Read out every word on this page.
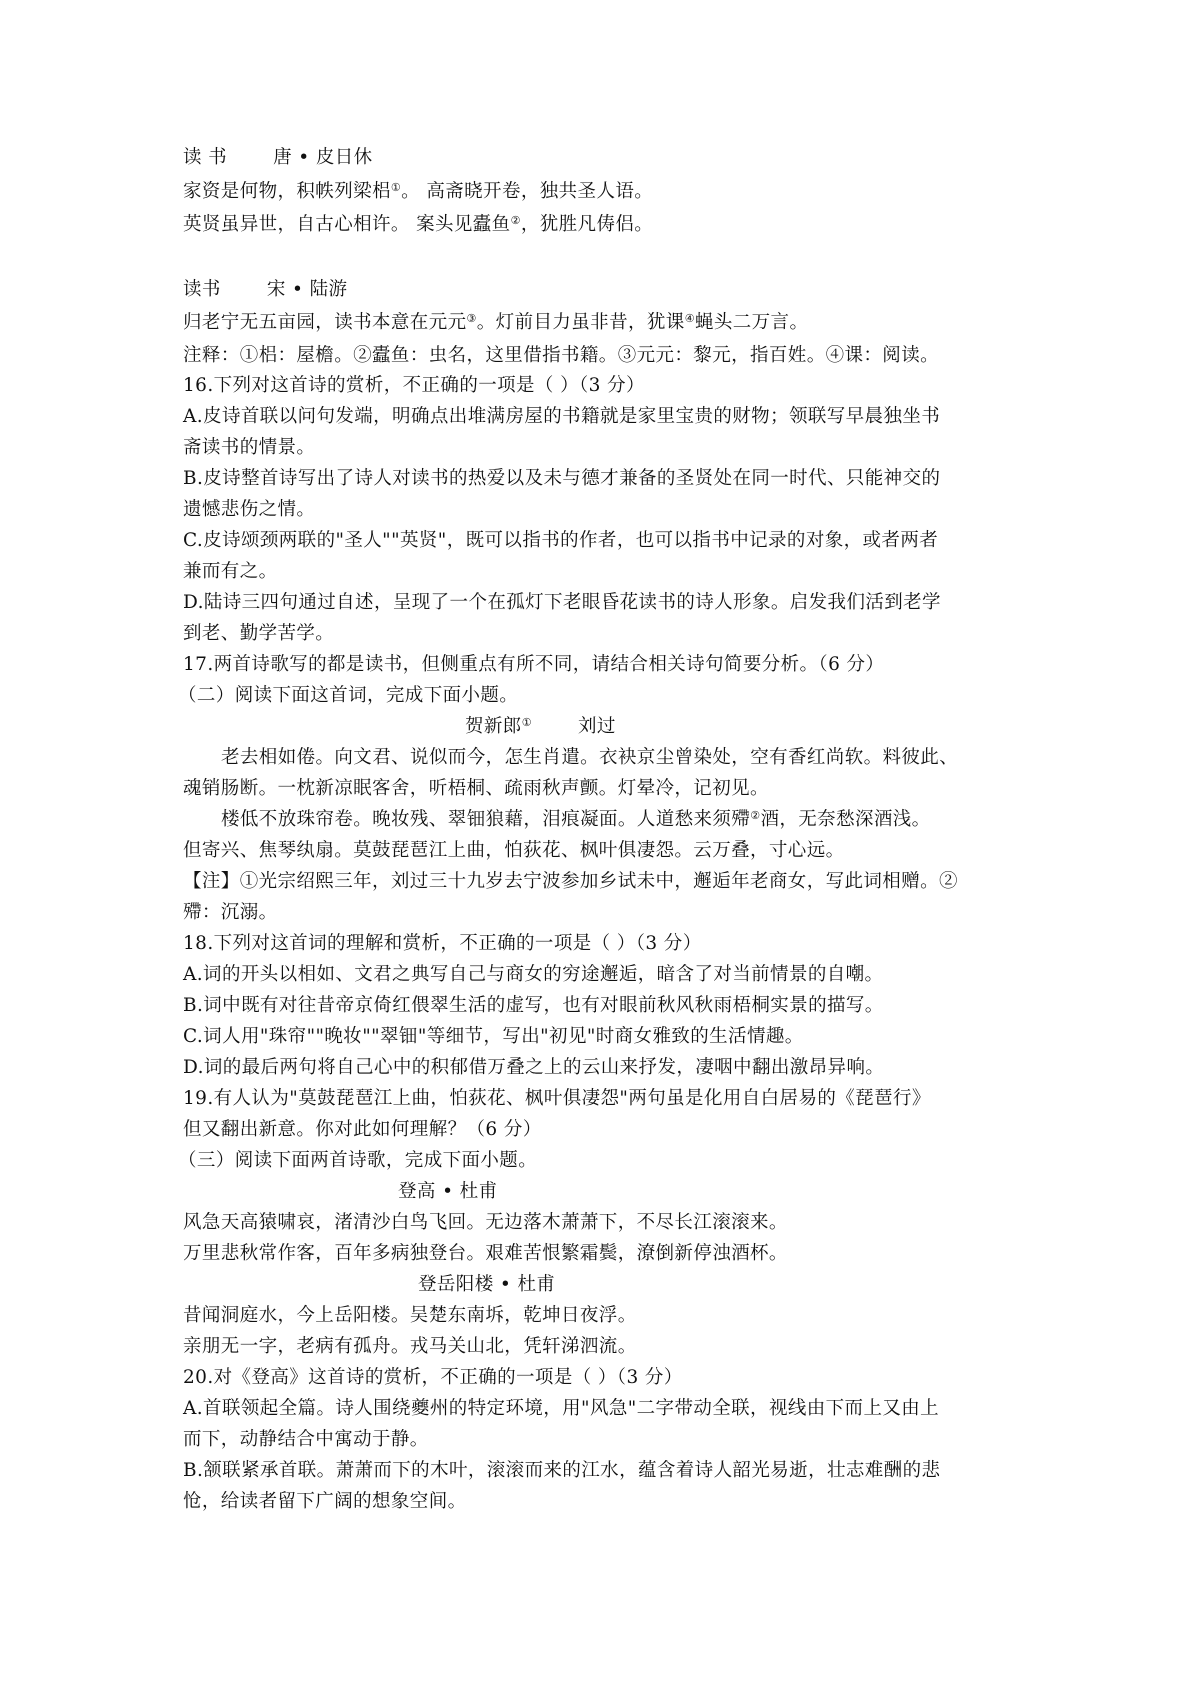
读 书 唐 • 皮日休
家资是何物，积帙列梁梠①。 高斋晓开卷，独共圣人语。
英贤虽异世，自古心相许。 案头见蠹鱼②，犹胜凡俦侣。
读书 宋 • 陆游
归老宁无五亩园，读书本意在元元③。灯前目力虽非昔，犹课④蝇头二万言。
注释：①梠：屋檐。②蠹鱼：虫名，这里借指书籍。③元元：黎元，指百姓。④课：阅读。
16.下列对这首诗的赏析，不正确的一项是（ ）（3 分）
A.皮诗首联以问句发端，明确点出堆满房屋的书籍就是家里宝贵的财物；领联写早晨独坐书
斋读书的情景。
B.皮诗整首诗写出了诗人对读书的热爱以及未与德才兼备的圣贤处在同一时代、只能神交的
遗憾悲伤之情。
C.皮诗颂颈两联的"圣人""英贤"，既可以指书的作者，也可以指书中记录的对象，或者两者
兼而有之。
D.陆诗三四句通过自述，呈现了一个在孤灯下老眼昏花读书的诗人形象。启发我们活到老学
到老、勤学苦学。
17.两首诗歌写的都是读书，但侧重点有所不同，请结合相关诗句简要分析。（6 分）
（二）阅读下面这首词，完成下面小题。
贺新郎① 刘过
老去相如倦。向文君、说似而今，怎生肖遣。衣袂京尘曾染处，空有香红尚软。料彼此、
魂销肠断。一枕新凉眠客舍，听梧桐、疏雨秋声颤。灯晕冷，记初见。
楼低不放珠帘卷。晚妆残、翠钿狼藉，泪痕凝面。人道愁来须殢②酒，无奈愁深酒浅。
但寄兴、焦琴纨扇。莫鼓琵琶江上曲，怕荻花、枫叶俱凄怨。云万叠，寸心远。
【注】①光宗绍熙三年，刘过三十九岁去宁波参加乡试未中，邂逅年老商女，写此词相赠。②
殢：沉溺。
18.下列对这首词的理解和赏析，不正确的一项是（ ）（3 分）
A.词的开头以相如、文君之典写自己与商女的穷途邂逅，暗含了对当前情景的自嘲。
B.词中既有对往昔帝京倚红偎翠生活的虚写，也有对眼前秋风秋雨梧桐实景的描写。
C.词人用"珠帘""晚妆""翠钿"等细节，写出"初见"时商女雅致的生活情趣。
D.词的最后两句将自己心中的积郁借万叠之上的云山来抒发，凄咽中翻出激昂异响。
19.有人认为"莫鼓琵琶江上曲，怕荻花、枫叶俱凄怨"两句虽是化用自白居易的《琵琶行》
但又翻出新意。你对此如何理解？（6 分）
（三）阅读下面两首诗歌，完成下面小题。
登高 • 杜甫
风急天高猿啸哀，渚清沙白鸟飞回。无边落木萧萧下，不尽长江滚滚来。
万里悲秋常作客，百年多病独登台。艰难苦恨繁霜鬓，潦倒新停浊酒杯。
登岳阳楼 • 杜甫
昔闻洞庭水，今上岳阳楼。吴楚东南坼，乾坤日夜浮。
亲朋无一字，老病有孤舟。戎马关山北，凭轩涕泗流。
20.对《登高》这首诗的赏析，不正确的一项是（ ）（3 分）
A.首联领起全篇。诗人围绕夔州的特定环境，用"风急"二字带动全联，视线由下而上又由上
而下，动静结合中寓动于静。
B.颔联紧承首联。萧萧而下的木叶，滚滚而来的江水，蕴含着诗人韶光易逝，壮志难酬的悲
怆，给读者留下广阔的想象空间。
